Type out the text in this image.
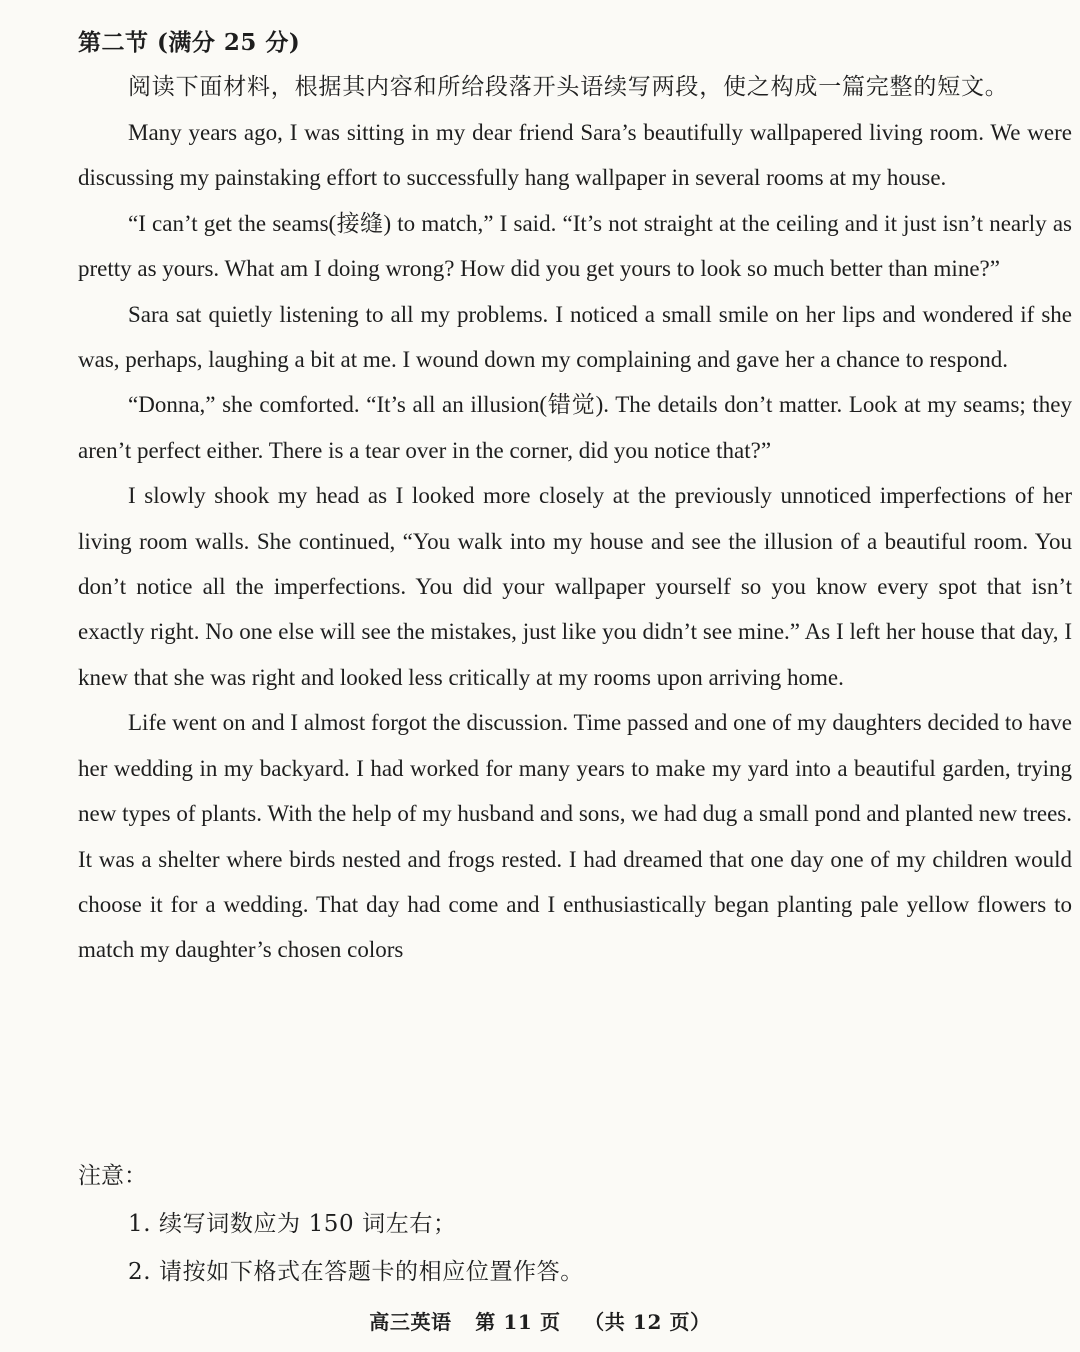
第二节 (满分 25 分)
阅读下面材料，根据其内容和所给段落开头语续写两段，使之构成一篇完整的短文。

Many years ago, I was sitting in my dear friend Sara’s beautifully wallpapered living room. We were discussing my painstaking effort to successfully hang wallpaper in several rooms at my house.

“I can’t get the seams(接缝) to match,” I said. “It’s not straight at the ceiling and it just isn’t nearly as pretty as yours. What am I doing wrong? How did you get yours to look so much better than mine?”

Sara sat quietly listening to all my problems. I noticed a small smile on her lips and wondered if she was, perhaps, laughing a bit at me. I wound down my complaining and gave her a chance to respond.

“Donna,” she comforted. “It’s all an illusion(错觉). The details don’t matter. Look at my seams; they aren’t perfect either. There is a tear over in the corner, did you notice that?”

I slowly shook my head as I looked more closely at the previously unnoticed imperfections of her living room walls. She continued, “You walk into my house and see the illusion of a beautiful room. You don’t notice all the imperfections. You did your wallpaper yourself so you know every spot that isn’t exactly right. No one else will see the mistakes, just like you didn’t see mine.” As I left her house that day, I knew that she was right and looked less critically at my rooms upon arriving home.

Life went on and I almost forgot the discussion. Time passed and one of my daughters decided to have her wedding in my backyard. I had worked for many years to make my yard into a beautiful garden, trying new types of plants. With the help of my husband and sons, we had dug a small pond and planted new trees. It was a shelter where birds nested and frogs rested. I had dreamed that one day one of my children would choose it for a wedding. That day had come and I enthusiastically began planting pale yellow flowers to match my daughter’s chosen colors

注意：
1. 续写词数应为 150 词左右；
2. 请按如下格式在答题卡的相应位置作答。
高三英语 第 11 页 （共 12 页）
